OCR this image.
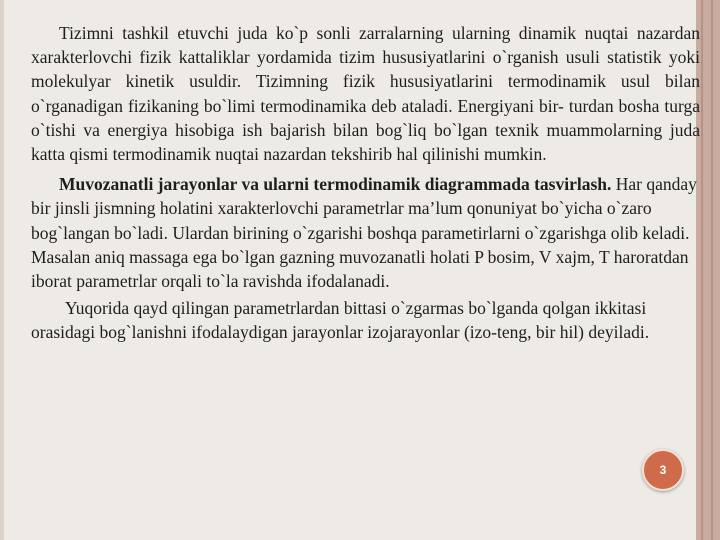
Tizimni tashkil etuvchi juda ko`p sonli zarralarning ularning dinamik nuqtai nazardan xarakterlovchi fizik kattaliklar yordamida tizim hususiyatlarini o`rganish usuli statistik yoki molekulyar kinetik usuldir. Tizimning fizik hususiyatlarini termodinamik usul bilan o`rganadigan fizikaning bo`limi termodinamika deb ataladi. Energiyani bir- turdan bosha turga o`tishi va energiya hisobiga ish bajarish bilan bog`liq bo`lgan texnik muammolarning juda katta qismi termodinamik nuqtai nazardan tekshirib hal qilinishi mumkin.

Muvozanatli jarayonlar va ularni termodinamik diagrammada tasvirlash. Har qanday bir jinsli jismning holatini xarakterlovchi parametrlar ma’lum qonuniyat bo`yicha o`zaro bog`langan bo`ladi. Ulardan birining o`zgarishi boshqa parametirlarni o`zgarishga olib keladi. Masalan aniq massaga ega bo`lgan gazning muvozanatli holati P bosim, V xajm, T haroratdan iborat parametrlar orqali to`la ravishda ifodalanadi.

Yuqorida qayd qilingan parametrlardan bittasi o`zgarmas bo`lganda qolgan ikkitasi orasidagi bog`lanishni ifodalaydigan jarayonlar izojarayonlar (izo-teng, bir hil) deyiladi.

3
